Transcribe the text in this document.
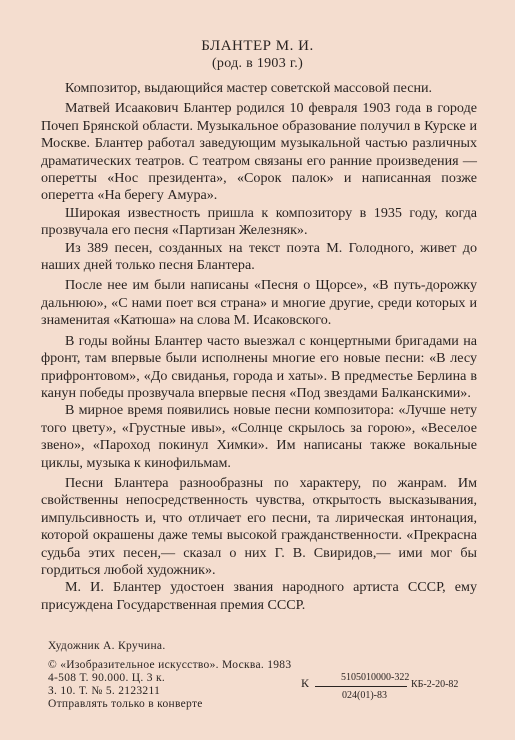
БЛАНТЕР М. И.
(род. в 1903 г.)

Композитор, выдающийся мастер советской массовой песни.

Матвей Исаакович Блантер родился 10 февраля 1903 года в городе Почеп Брянской области. Музыкальное образование получил в Курске и Москве. Блантер работал заведующим музыкальной частью различных драматических театров. С театром связаны его ранние произведения — оперетты «Нос президента», «Сорок палок» и написанная позже оперетта «На берегу Амура».

Широкая известность пришла к композитору в 1935 году, когда прозвучала его песня «Партизан Железняк».

Из 389 песен, созданных на текст поэта М. Голодного, живет до наших дней только песня Блантера.

После нее им были написаны «Песня о Щорсе», «В путь-дорожку дальнюю», «С нами поет вся страна» и многие другие, среди которых и знаменитая «Катюша» на слова М. Исаковского.

В годы войны Блантер часто выезжал с концертными бригадами на фронт, там впервые были исполнены многие его новые песни: «В лесу прифронтовом», «До свиданья, города и хаты». В предместье Берлина в канун победы прозвучала впервые песня «Под звездами Балканскими».

В мирное время появились новые песни композитора: «Лучше нету того цвету», «Грустные ивы», «Солнце скрылось за горою», «Веселое звено», «Пароход покинул Химки». Им написаны также вокальные циклы, музыка к кинофильмам.

Песни Блантера разнообразны по характеру, по жанрам. Им свойственны непосредственность чувства, открытость высказывания, импульсивность и, что отличает его песни, та лирическая интонация, которой окрашены даже темы высокой гражданственности. «Прекрасна судьба этих песен,— сказал о них Г. В. Свиридов,— ими мог бы гордиться любой художник».

М. И. Блантер удостоен звания народного артиста СССР, ему присуждена Государственная премия СССР.

Художник А. Кручина.
© «Изобразительное искусство». Москва. 1983
4-508 Т. 90.000. Ц. 3 к.
З. 10. Т. № 5. 2123211
Отправлять только в конверте
К	5105010000-322
024(01)-83
КБ-2-20-82
